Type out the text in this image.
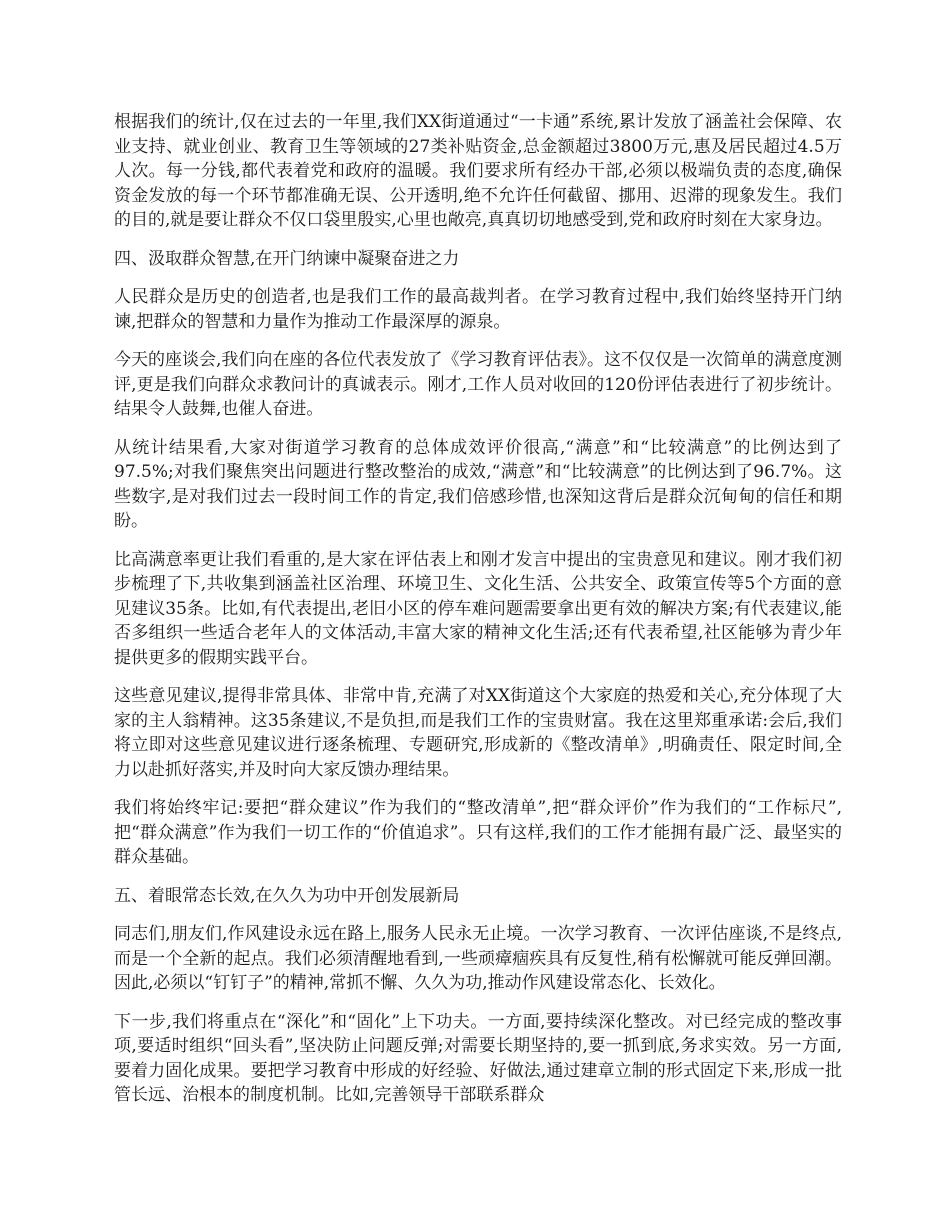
根据我们的统计,仅在过去的一年里,我们XX街道通过“一卡通”系统,累计发放了涵盖社会保障、农业支持、就业创业、教育卫生等领域的27类补贴资金,总金额超过3800万元,惠及居民超过4.5万人次。每一分钱,都代表着党和政府的温暖。我们要求所有经办干部,必须以极端负责的态度,确保资金发放的每一个环节都准确无误、公开透明,绝不允许任何截留、挪用、迟滞的现象发生。我们的目的,就是要让群众不仅口袋里殷实,心里也敞亮,真真切切地感受到,党和政府时刻在大家身边。

四、汲取群众智慧,在开门纳谏中凝聚奋进之力

人民群众是历史的创造者,也是我们工作的最高裁判者。在学习教育过程中,我们始终坚持开门纳谏,把群众的智慧和力量作为推动工作最深厚的源泉。

今天的座谈会,我们向在座的各位代表发放了《学习教育评估表》。这不仅仅是一次简单的满意度测评,更是我们向群众求教问计的真诚表示。刚才,工作人员对收回的120份评估表进行了初步统计。结果令人鼓舞,也催人奋进。

从统计结果看,大家对街道学习教育的总体成效评价很高,“满意”和“比较满意”的比例达到了97.5%;对我们聚焦突出问题进行整改整治的成效,“满意”和“比较满意”的比例达到了96.7%。这些数字,是对我们过去一段时间工作的肯定,我们倍感珍惜,也深知这背后是群众沉甸甸的信任和期盼。

比高满意率更让我们看重的,是大家在评估表上和刚才发言中提出的宝贵意见和建议。刚才我们初步梳理了下,共收集到涵盖社区治理、环境卫生、文化生活、公共安全、政策宣传等5个方面的意见建议35条。比如,有代表提出,老旧小区的停车难问题需要拿出更有效的解决方案;有代表建议,能否多组织一些适合老年人的文体活动,丰富大家的精神文化生活;还有代表希望,社区能够为青少年提供更多的假期实践平台。

这些意见建议,提得非常具体、非常中肯,充满了对XX街道这个大家庭的热爱和关心,充分体现了大家的主人翁精神。这35条建议,不是负担,而是我们工作的宝贵财富。我在这里郑重承诺:会后,我们将立即对这些意见建议进行逐条梳理、专题研究,形成新的《整改清单》,明确责任、限定时间,全力以赴抓好落实,并及时向大家反馈办理结果。

我们将始终牢记:要把“群众建议”作为我们的“整改清单”,把“群众评价”作为我们的“工作标尺”,把“群众满意”作为我们一切工作的“价值追求”。只有这样,我们的工作才能拥有最广泛、最坚实的群众基础。

五、着眼常态长效,在久久为功中开创发展新局

同志们,朋友们,作风建设永远在路上,服务人民永无止境。一次学习教育、一次评估座谈,不是终点,而是一个全新的起点。我们必须清醒地看到,一些顽瘴痼疾具有反复性,稍有松懈就可能反弹回潮。因此,必须以“钉钉子”的精神,常抓不懈、久久为功,推动作风建设常态化、长效化。

下一步,我们将重点在“深化”和“固化”上下功夫。一方面,要持续深化整改。对已经完成的整改事项,要适时组织“回头看”,坚决防止问题反弹;对需要长期坚持的,要一抓到底,务求实效。另一方面,要着力固化成果。要把学习教育中形成的好经验、好做法,通过建章立制的形式固定下来,形成一批管长远、治根本的制度机制。比如,完善领导干部联系群众
